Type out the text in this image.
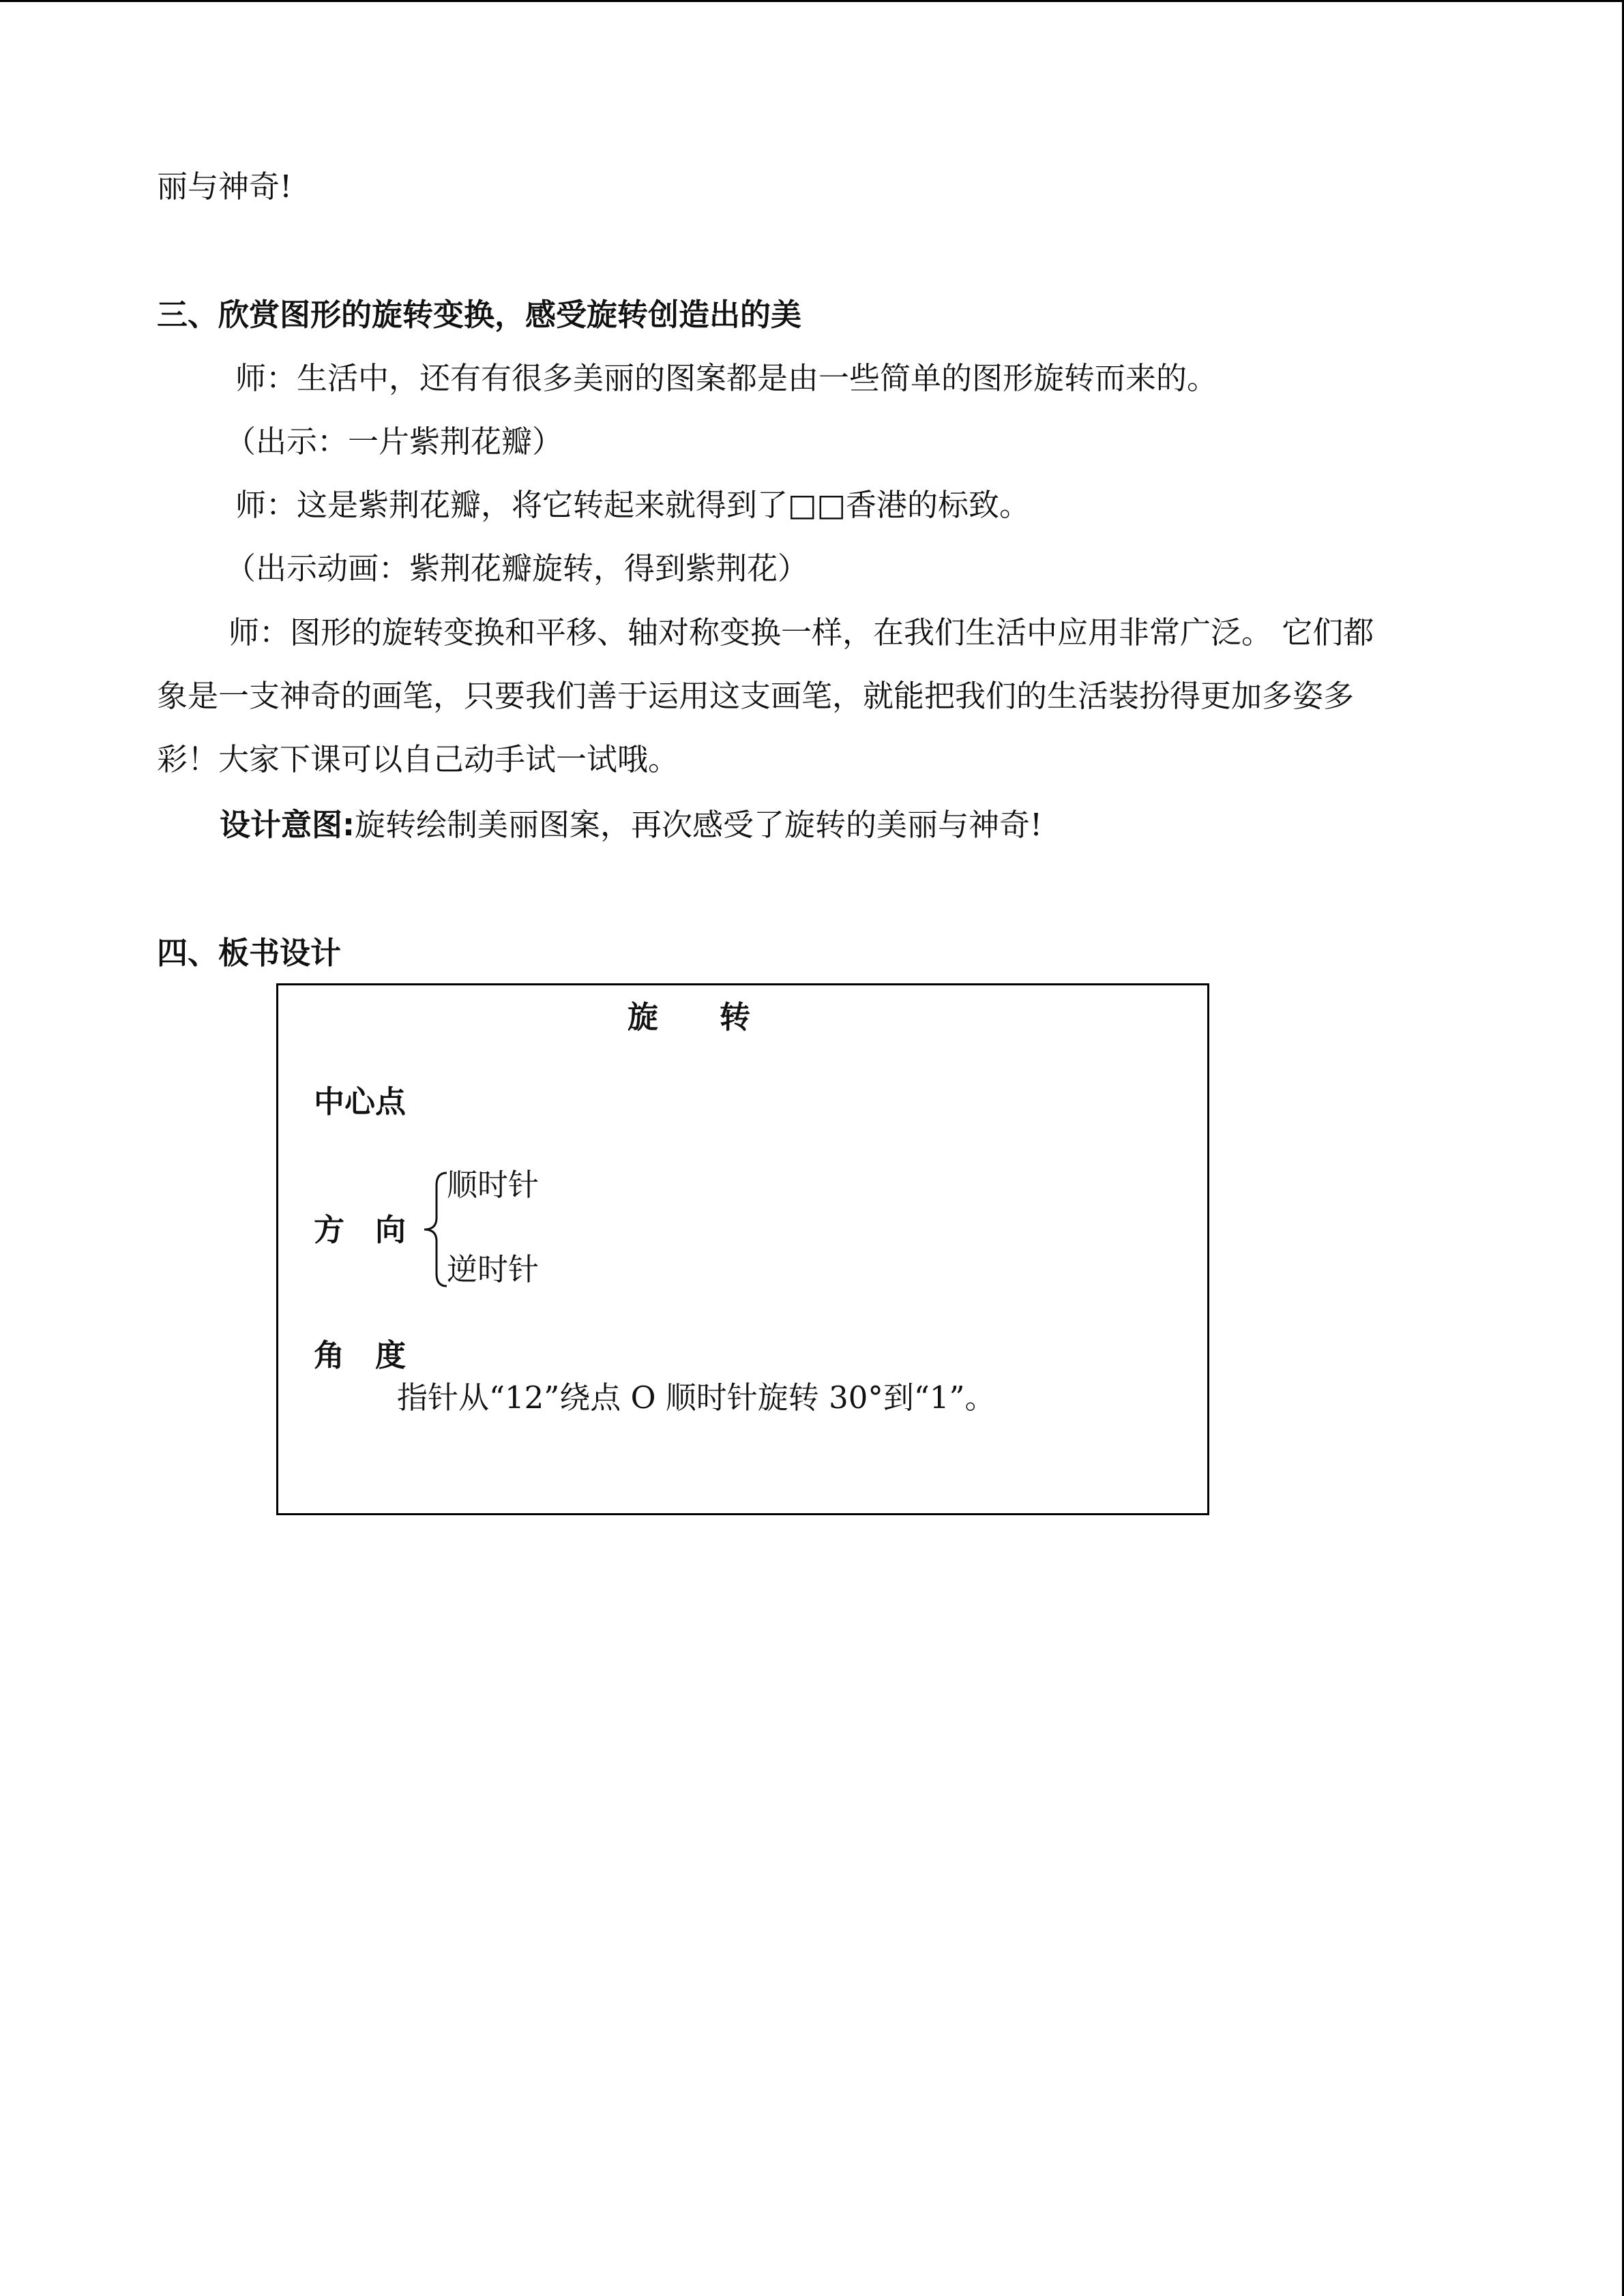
丽与神奇!
三、欣赏图形的旋转变换，感受旋转创造出的美
师：生活中，还有有很多美丽的图案都是由一些简单的图形旋转而来的。
（出示：一片紫荆花瓣）
师：这是紫荆花瓣，将它转起来就得到了□□香港的标致。
（出示动画：紫荆花瓣旋转，得到紫荆花）
师：图形的旋转变换和平移、轴对称变换一样，在我们生活中应用非常广泛。 它们都
象是一支神奇的画笔，只要我们善于运用这支画笔，就能把我们的生活装扮得更加多姿多
彩！大家下课可以自己动手试一试哦。
设计意图:旋转绘制美丽图案，再次感受了旋转的美丽与神奇!
四、板书设计
旋　　转
中心点
方　向
顺时针
逆时针
角　度
指针从“12”绕点 O 顺时针旋转 30°到“1”。
